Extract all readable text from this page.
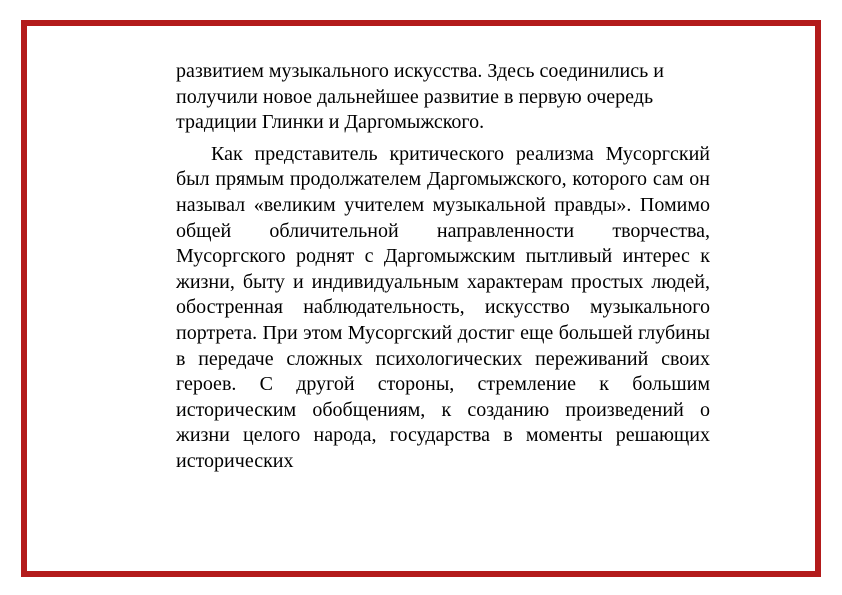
развитием музыкального искусства. Здесь соединились и получили новое дальнейшее развитие в первую очередь традиции Глинки и Даргомыжского.

Как представитель критического реализма Мусоргский был прямым продолжателем Даргомыжского, которого сам он называл «великим учителем музыкальной правды». Помимо общей обличительной направленности творчества, Мусоргского роднят с Даргомыжским пытливый интерес к жизни, быту и индивидуальным характерам простых людей, обостренная наблюдательность, искусство музыкального портрета. При этом Мусоргский достиг еще большей глубины в передаче сложных психологических переживаний своих героев. С другой стороны, стремление к большим историческим обобщениям, к созданию произведений о жизни целого народа, государства в моменты решающих исторических
